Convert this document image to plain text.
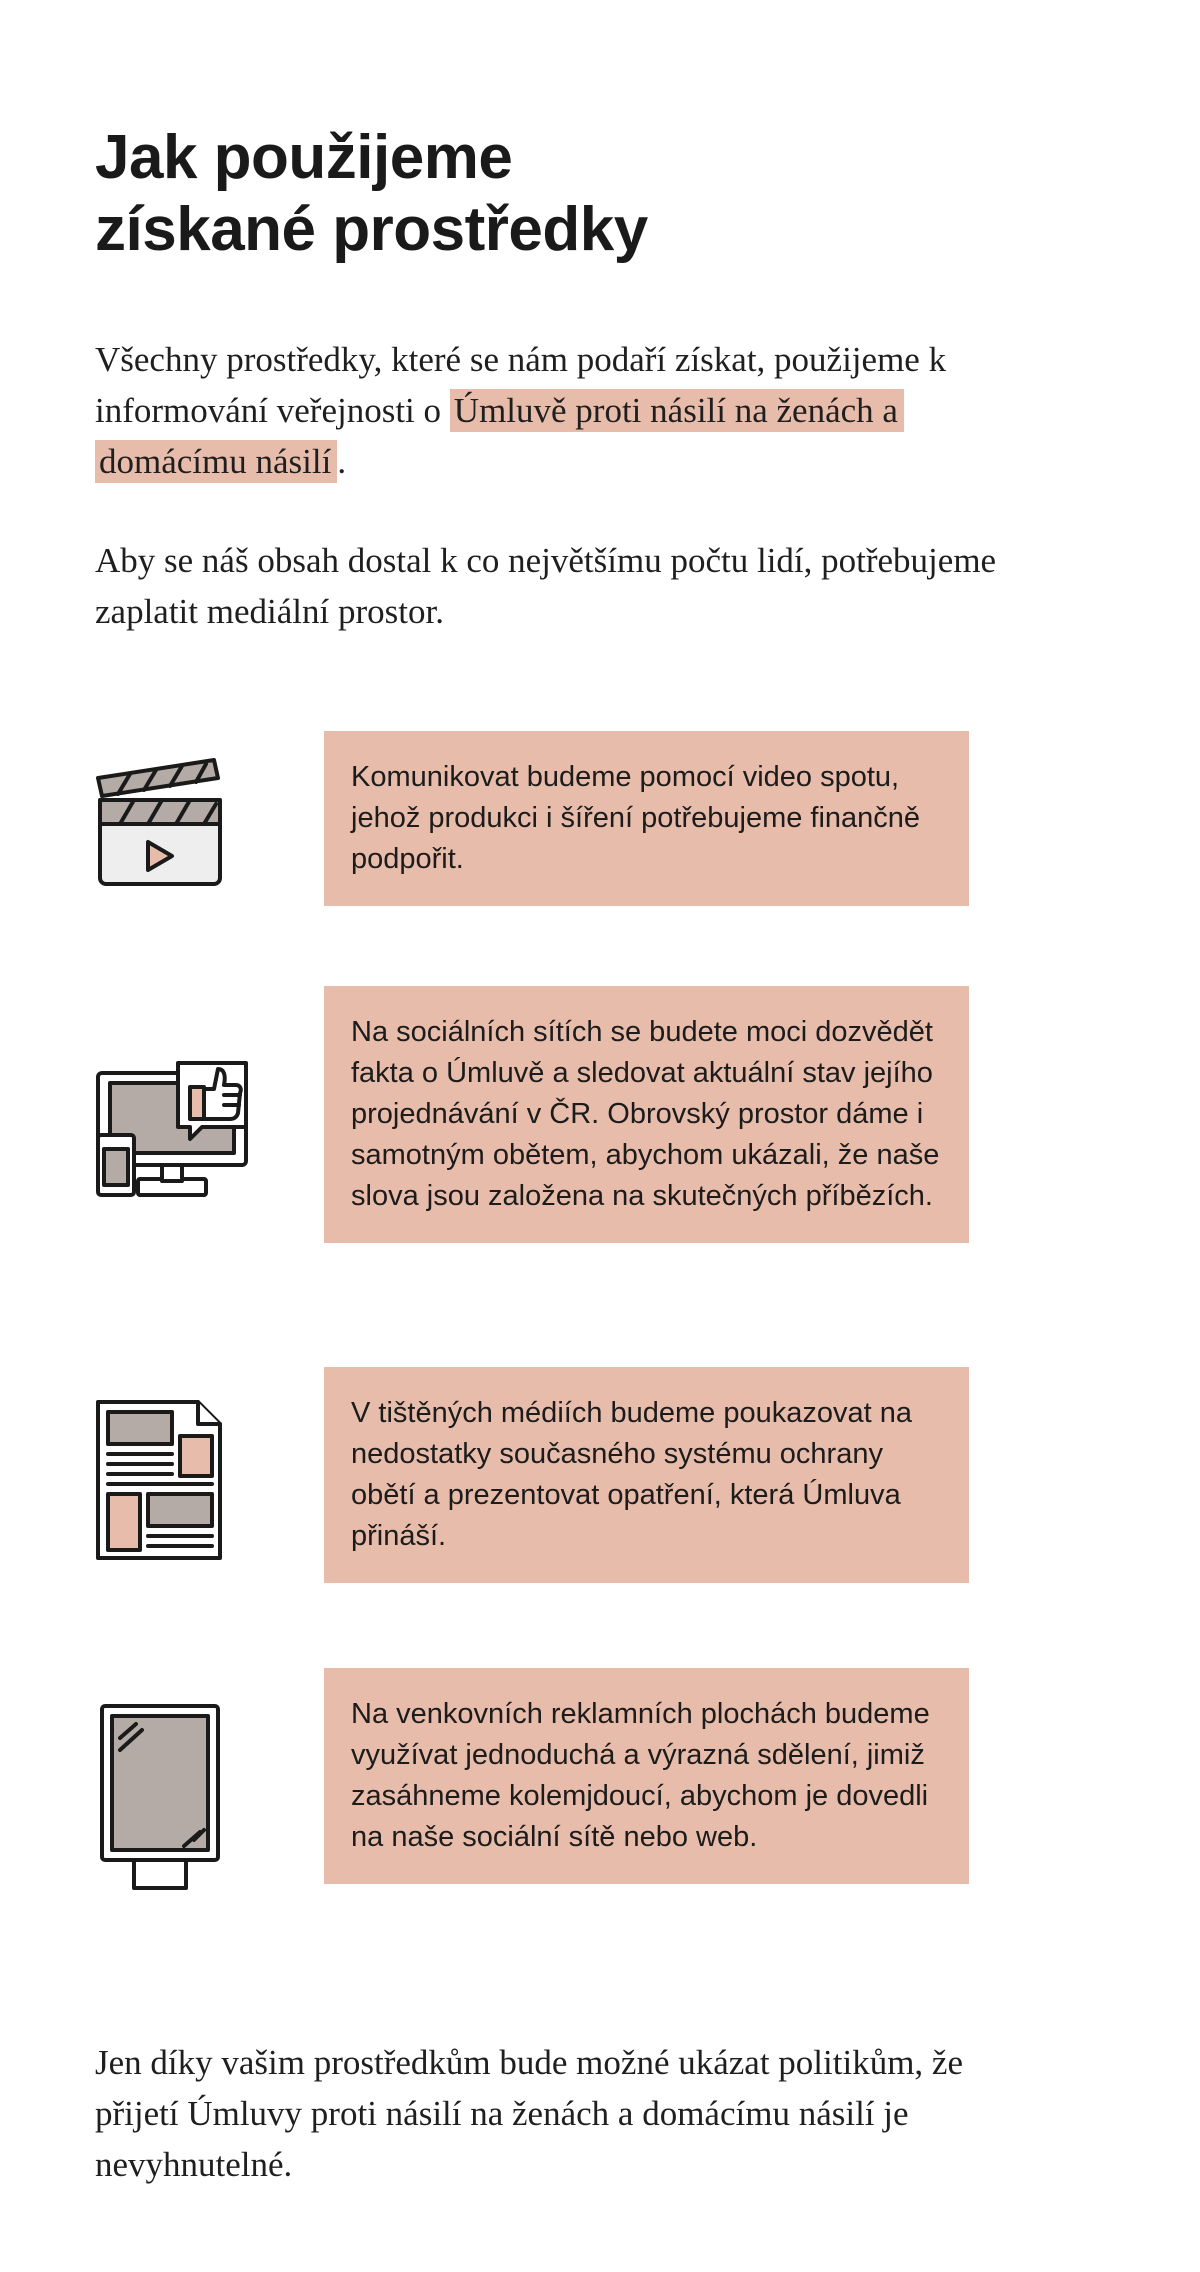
Jak použijeme
získané prostředky

Všechny prostředky, které se nám podaří získat, použijeme k informování veřejnosti o Úmluvě proti násilí na ženách a domácímu násilí .

Aby se náš obsah dostal k co největšímu počtu lidí, potřebujeme zaplatit mediální prostor.

Komunikovat budeme pomocí video spotu, jehož produkci i šíření potřebujeme finančně podpořit.

Na sociálních sítích se budete moci dozvědět fakta o Úmluvě a sledovat aktuální stav jejího projednávání v ČR. Obrovský prostor dáme i samotným obětem, abychom ukázali, že naše slova jsou založena na skutečných příbězích.

V tištěných médiích budeme poukazovat na nedostatky současného systému ochrany obětí a prezentovat opatření, která Úmluva přináší.

Na venkovních reklamních plochách budeme využívat jednoduchá a výrazná sdělení, jimiž zasáhneme kolemjdoucí, abychom je dovedli na naše sociální sítě nebo web.

Jen díky vašim prostředkům bude možné ukázat politikům, že přijetí Úmluvy proti násilí na ženách a domácímu násilí je nevyhnutelné.
